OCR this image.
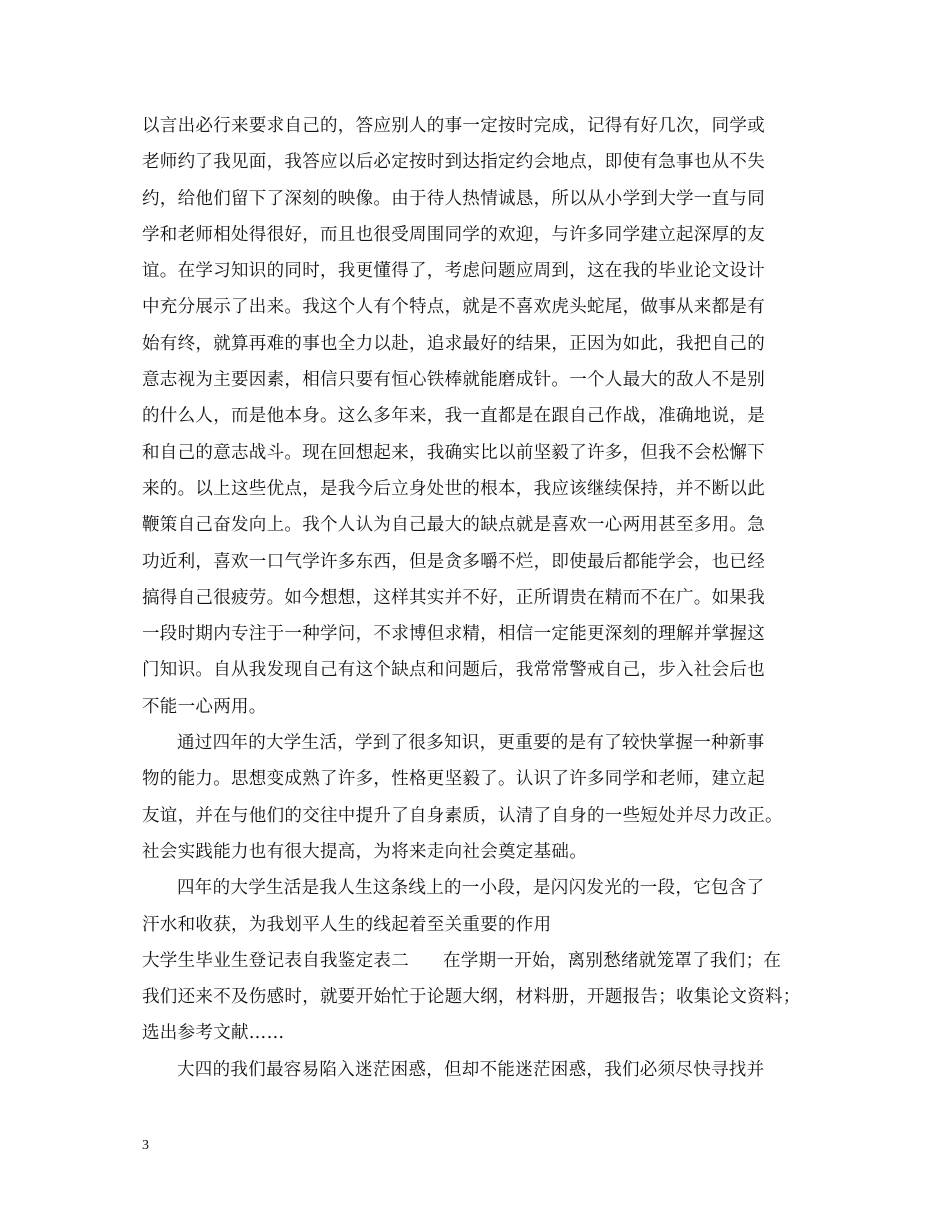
以言出必行来要求自己的，答应别人的事一定按时完成，记得有好几次，同学或
老师约了我见面，我答应以后必定按时到达指定约会地点，即使有急事也从不失
约，给他们留下了深刻的映像。由于待人热情诚恳，所以从小学到大学一直与同
学和老师相处得很好，而且也很受周围同学的欢迎，与许多同学建立起深厚的友
谊。在学习知识的同时，我更懂得了，考虑问题应周到，这在我的毕业论文设计
中充分展示了出来。我这个人有个特点，就是不喜欢虎头蛇尾，做事从来都是有
始有终，就算再难的事也全力以赴，追求最好的结果，正因为如此，我把自己的
意志视为主要因素，相信只要有恒心铁棒就能磨成针。一个人最大的敌人不是别
的什么人，而是他本身。这么多年来，我一直都是在跟自己作战，准确地说，是
和自己的意志战斗。现在回想起来，我确实比以前坚毅了许多，但我不会松懈下
来的。以上这些优点，是我今后立身处世的根本，我应该继续保持，并不断以此
鞭策自己奋发向上。我个人认为自己最大的缺点就是喜欢一心两用甚至多用。急
功近利，喜欢一口气学许多东西，但是贪多嚼不烂，即使最后都能学会，也已经
搞得自己很疲劳。如今想想，这样其实并不好，正所谓贵在精而不在广。如果我
一段时期内专注于一种学问，不求博但求精，相信一定能更深刻的理解并掌握这
门知识。自从我发现自己有这个缺点和问题后，我常常警戒自己，步入社会后也
不能一心两用。
通过四年的大学生活，学到了很多知识，更重要的是有了较快掌握一种新事
物的能力。思想变成熟了许多，性格更坚毅了。认识了许多同学和老师，建立起
友谊，并在与他们的交往中提升了自身素质，认清了自身的一些短处并尽力改正。
社会实践能力也有很大提高，为将来走向社会奠定基础。
四年的大学生活是我人生这条线上的一小段，是闪闪发光的一段，它包含了
汗水和收获，为我划平人生的线起着至关重要的作用
大学生毕业生登记表自我鉴定表二 在学期一开始，离别愁绪就笼罩了我们；在
我们还来不及伤感时，就要开始忙于论题大纲，材料册，开题报告；收集论文资料；
选出参考文献……
大四的我们最容易陷入迷茫困惑，但却不能迷茫困惑，我们必须尽快寻找并
3
